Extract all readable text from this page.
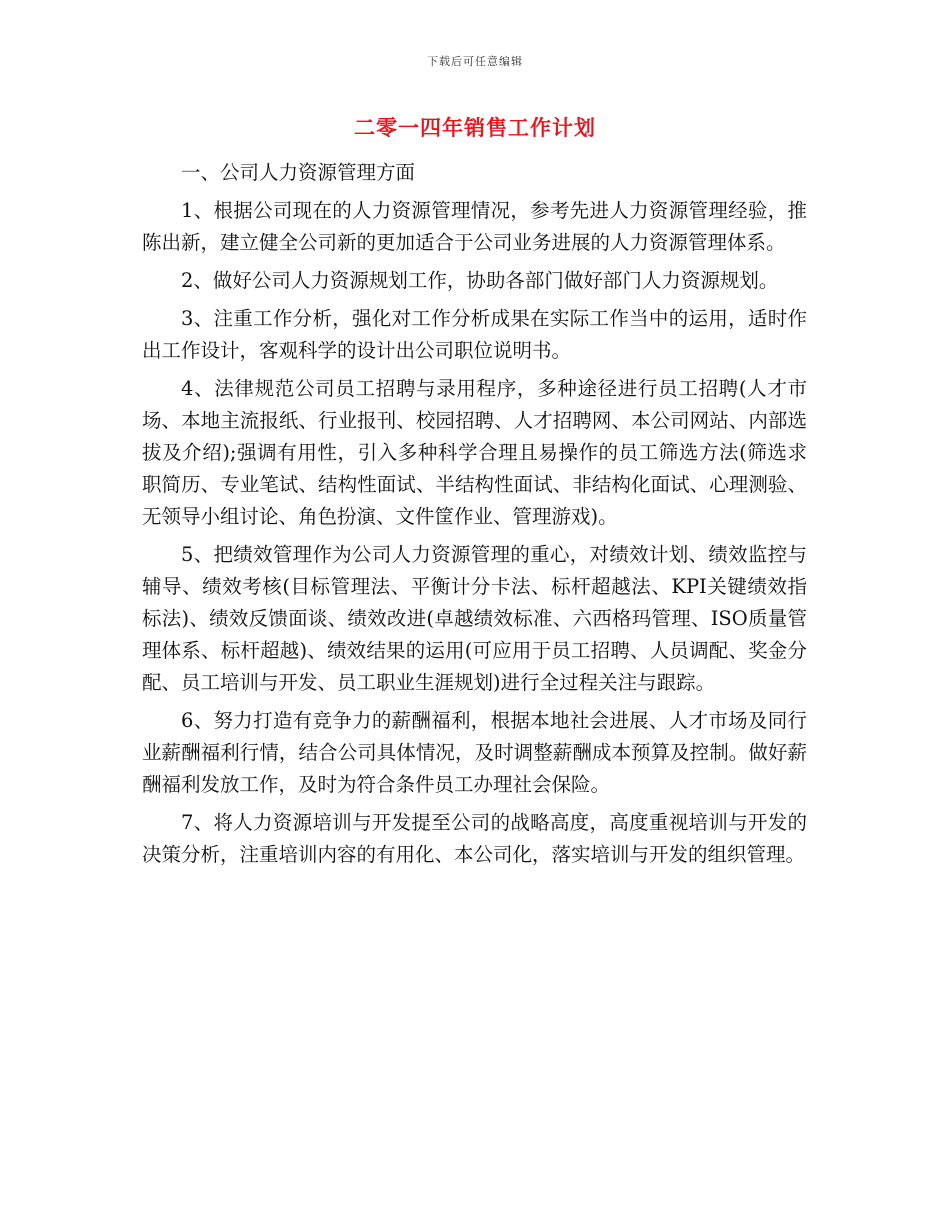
下载后可任意编辑
二零一四年销售工作计划

一、公司人力资源管理方面

1、根据公司现在的人力资源管理情况，参考先进人力资源管理经验，推陈出新，建立健全公司新的更加适合于公司业务进展的人力资源管理体系。

2、做好公司人力资源规划工作，协助各部门做好部门人力资源规划。

3、注重工作分析，强化对工作分析成果在实际工作当中的运用，适时作出工作设计，客观科学的设计出公司职位说明书。

4、法律规范公司员工招聘与录用程序，多种途径进行员工招聘(人才市场、本地主流报纸、行业报刊、校园招聘、人才招聘网、本公司网站、内部选拔及介绍);强调有用性，引入多种科学合理且易操作的员工筛选方法(筛选求职简历、专业笔试、结构性面试、半结构性面试、非结构化面试、心理测验、无领导小组讨论、角色扮演、文件筐作业、管理游戏)。

5、把绩效管理作为公司人力资源管理的重心，对绩效计划、绩效监控与辅导、绩效考核(目标管理法、平衡计分卡法、标杆超越法、KPI关键绩效指标法)、绩效反馈面谈、绩效改进(卓越绩效标准、六西格玛管理、ISO质量管理体系、标杆超越)、绩效结果的运用(可应用于员工招聘、人员调配、奖金分配、员工培训与开发、员工职业生涯规划)进行全过程关注与跟踪。

6、努力打造有竞争力的薪酬福利，根据本地社会进展、人才市场及同行业薪酬福利行情，结合公司具体情况，及时调整薪酬成本预算及控制。做好薪酬福利发放工作，及时为符合条件员工办理社会保险。

7、将人力资源培训与开发提至公司的战略高度，高度重视培训与开发的决策分析，注重培训内容的有用化、本公司化，落实培训与开发的组织管理。
